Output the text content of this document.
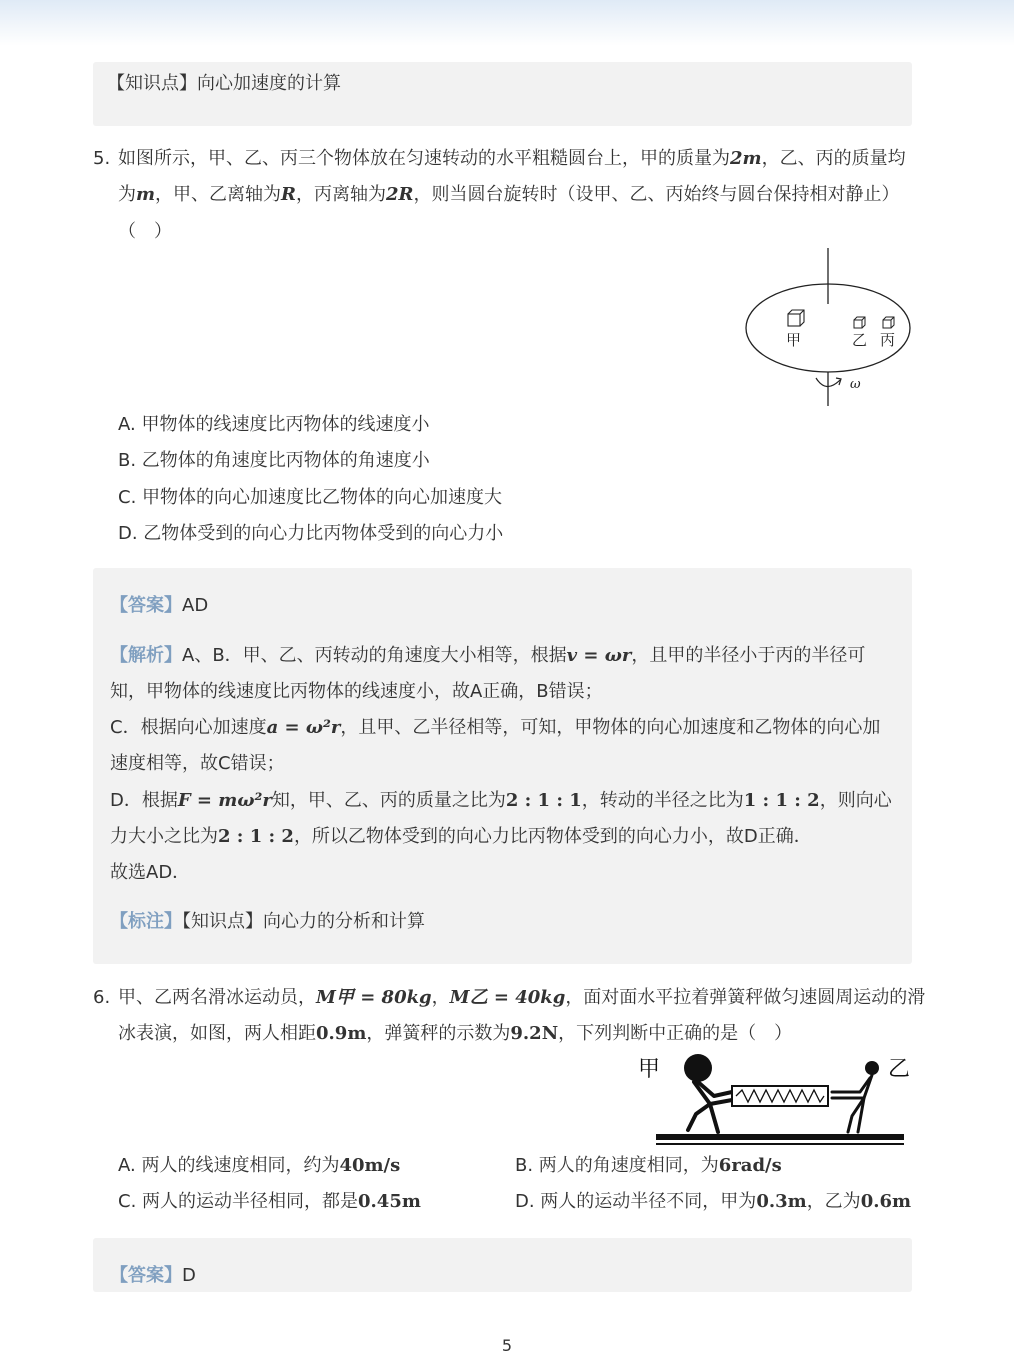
【知识点】向心加速度的计算
5. 如图所示，甲、乙、丙三个物体放在匀速转动的水平粗糙圆台上，甲的质量为2m，乙、丙的质量均
为m，甲、乙离轴为R，丙离轴为2R，则当圆台旋转时（设甲、乙、丙始终与圆台保持相对静止）
（　）
甲	乙 丙
ω
A. 甲物体的线速度比丙物体的线速度小
B. 乙物体的角速度比丙物体的角速度小
C. 甲物体的向心加速度比乙物体的向心加速度大
D. 乙物体受到的向心力比丙物体受到的向心力小
【答案】AD
【解析】A、B．甲、乙、丙转动的角速度大小相等，根据v = ωr，且甲的半径小于丙的半径可
知，甲物体的线速度比丙物体的线速度小，故A正确，B错误；
C．根据向心加速度a = ω²r，且甲、乙半径相等，可知，甲物体的向心加速度和乙物体的向心加
速度相等，故C错误；
D．根据F = mω²r知，甲、乙、丙的质量之比为2 : 1 : 1，转动的半径之比为1 : 1 : 2，则向心
力大小之比为2 : 1 : 2，所以乙物体受到的向心力比丙物体受到的向心力小，故D正确．
故选AD．
【标注】【知识点】向心力的分析和计算
6. 甲、乙两名滑冰运动员，M甲 = 80kg，M乙 = 40kg，面对面水平拉着弹簧秤做匀速圆周运动的滑
冰表演，如图，两人相距0.9m，弹簧秤的示数为9.2N，下列判断中正确的是（　）
甲	乙
A. 两人的线速度相同，约为40m/s	B. 两人的角速度相同，为6rad/s
C. 两人的运动半径相同，都是0.45m	D. 两人的运动半径不同，甲为0.3m，乙为0.6m
【答案】D
5
